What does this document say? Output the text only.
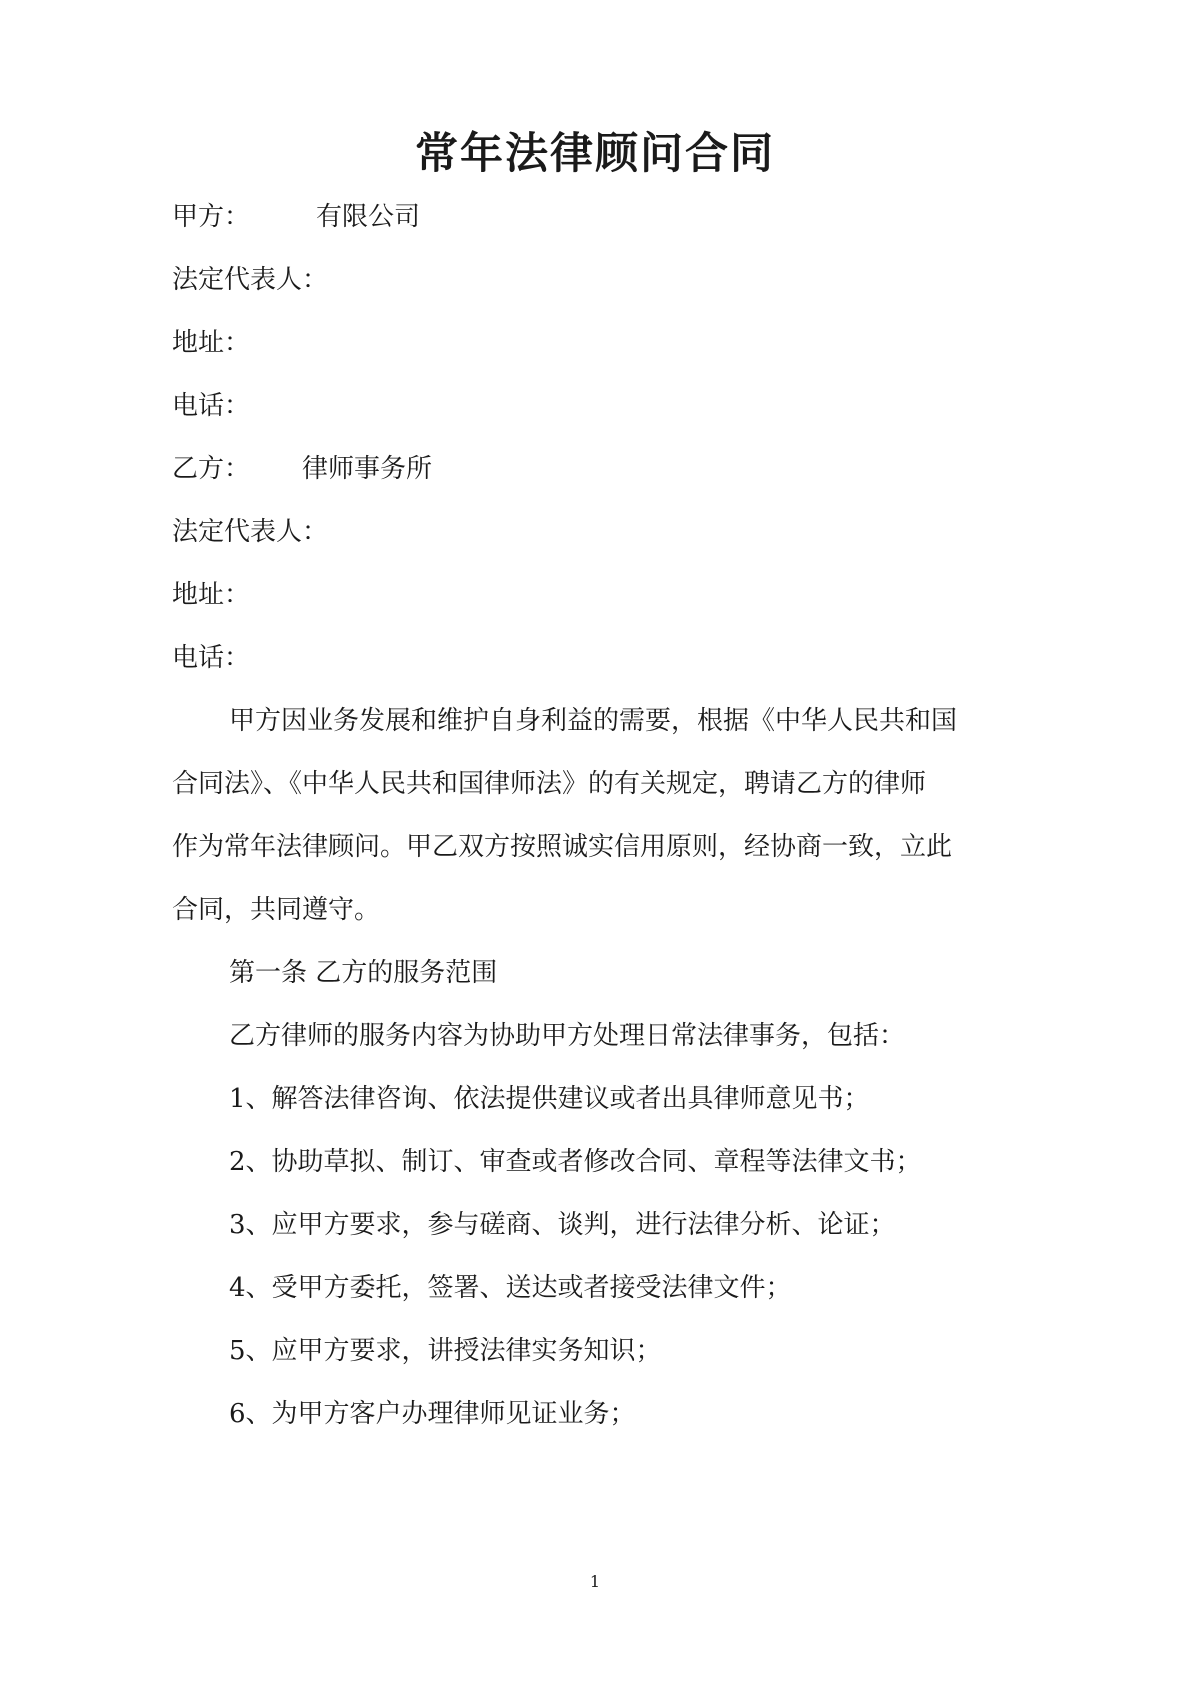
常年法律顾问合同
甲方：	有限公司
法定代表人：
地址：
电话：
乙方： 律师事务所
法定代表人：
地址：
电话：
甲方因业务发展和维护自身利益的需要，根据《中华人民共和国
合同法》、《中华人民共和国律师法》的有关规定，聘请乙方的律师
作为常年法律顾问。甲乙双方按照诚实信用原则，经协商一致，立此
合同，共同遵守。
第一条 乙方的服务范围
乙方律师的服务内容为协助甲方处理日常法律事务，包括：
1、解答法律咨询、依法提供建议或者出具律师意见书；
2、协助草拟、制订、审查或者修改合同、章程等法律文书；
3、应甲方要求，参与磋商、谈判，进行法律分析、论证；
4、受甲方委托，签署、送达或者接受法律文件；
5、应甲方要求，讲授法律实务知识；
6、为甲方客户办理律师见证业务；
1
